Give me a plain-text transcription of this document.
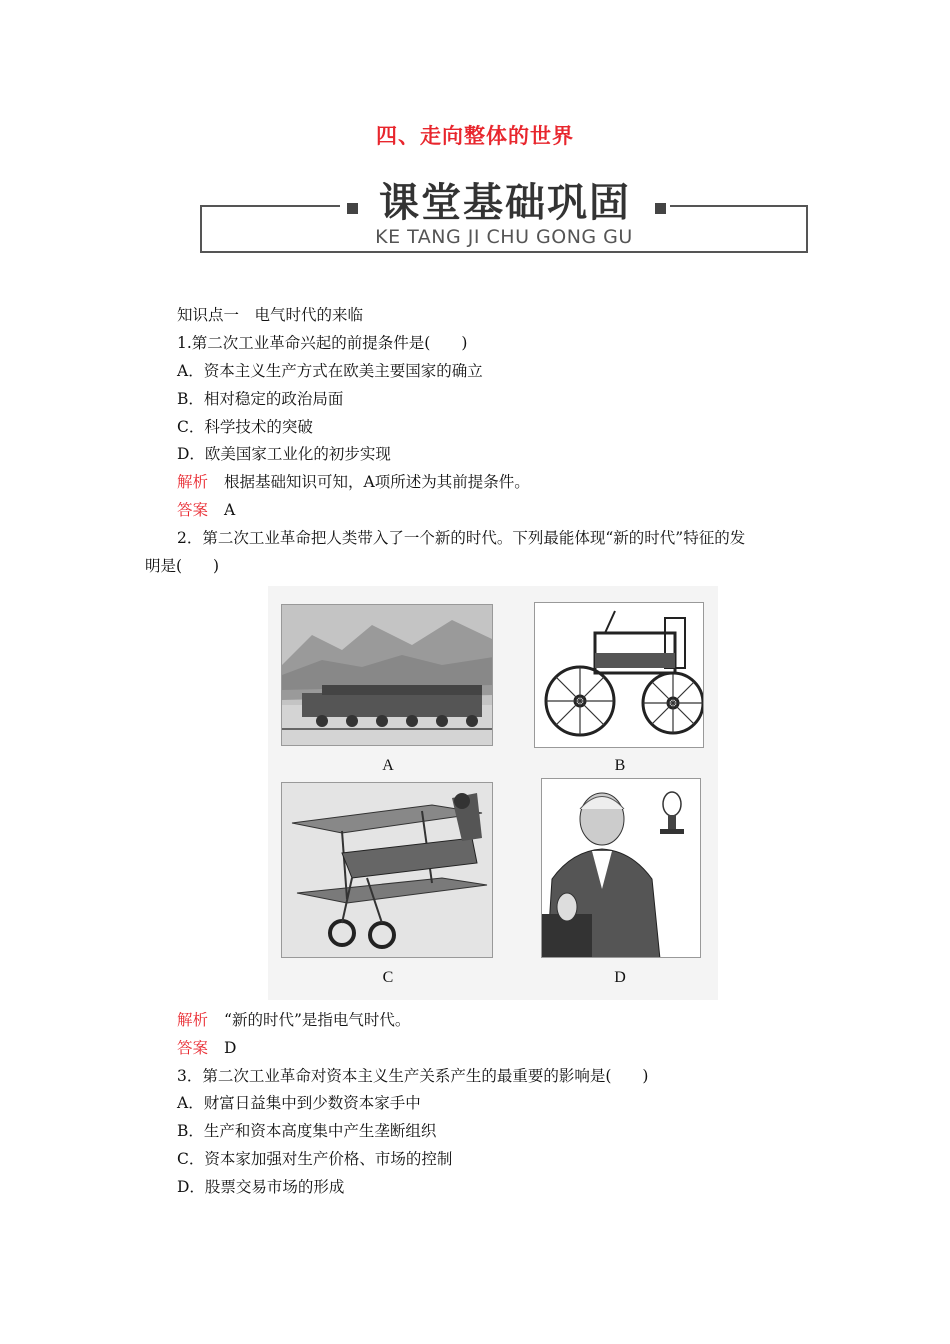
四、走向整体的世界
课堂基础巩固
KE TANG JI CHU GONG GU
知识点一　电气时代的来临
1.第二次工业革命兴起的前提条件是(　　)
A．资本主义生产方式在欧美主要国家的确立
B．相对稳定的政治局面
C．科学技术的突破
D．欧美国家工业化的初步实现
解析 根据基础知识可知，A项所述为其前提条件。
答案 A
2．第二次工业革命把人类带入了一个新的时代。下列最能体现“新的时代”特征的发
明是(　　)
A	B
C	D
解析 “新的时代”是指电气时代。
答案 D
3．第二次工业革命对资本主义生产关系产生的最重要的影响是(　　)
A．财富日益集中到少数资本家手中
B．生产和资本高度集中产生垄断组织
C．资本家加强对生产价格、市场的控制
D．股票交易市场的形成
